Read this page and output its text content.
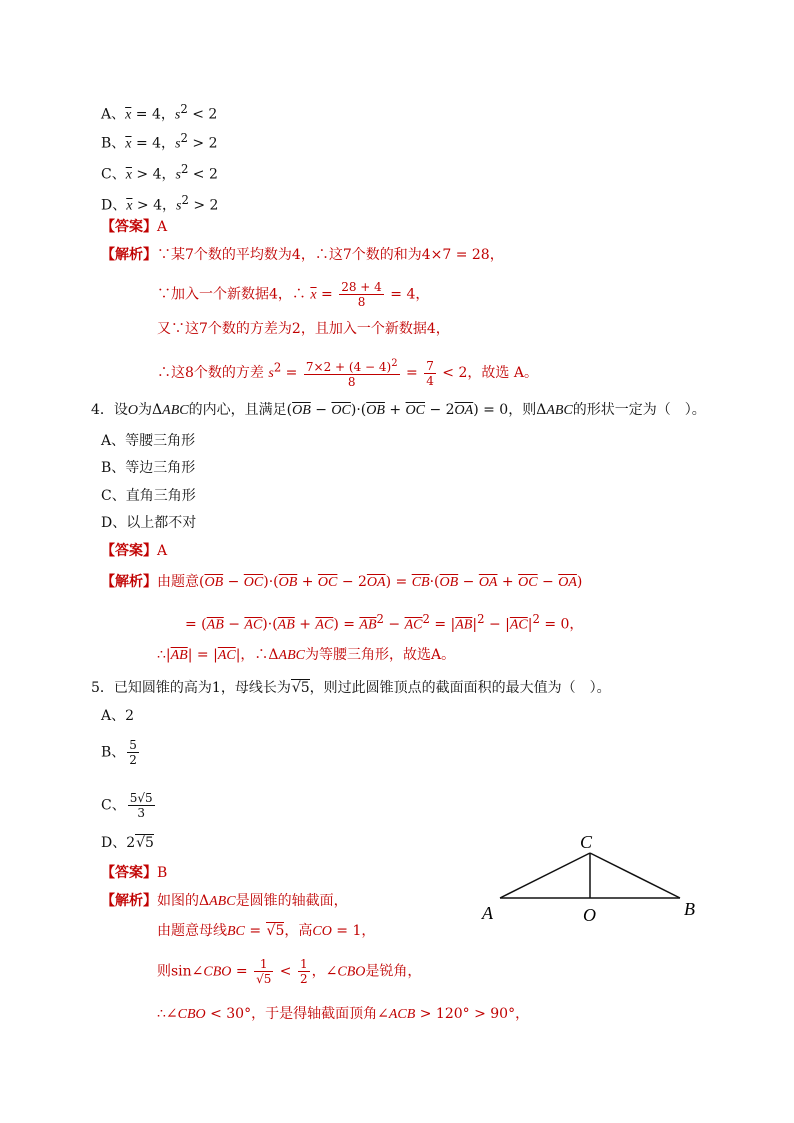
A、$\overline{x} = 4$，$s^2 < 2$
B、$\overline{x} = 4$，$s^2 > 2$
C、$\overline{x} > 4$，$s^2 < 2$
D、$\overline{x} > 4$，$s^2 > 2$
【答案】A
【解析】∵某7个数的平均数为4，∴这7个数的和为4×7 = 28，
∵加入一个新数据4，∴ $\overline{x} = \frac{28 + 4}{8} = 4$，
又∵这7个数的方差为2，且加入一个新数据4，
∴这8个数的方差 $s^2 = \frac{7\times 2 + (4 - 4)^2}{8} = \frac{7}{4} < 2$，故选 A。
4．设O为ΔABC的内心，且满足$(\overline{OB} - \overline{OC})\cdot(\overline{OB} + \overline{OC} - 2\overline{OA}) = 0$，则ΔABC的形状一定为（　）。
A、等腰三角形
B、等边三角形
C、直角三角形
D、以上都不对
【答案】A
【解析】由题意$(\overline{OB} - \overline{OC})\cdot(\overline{OB} + \overline{OC} - 2\overline{OA}) = \overline{CB}\cdot(\overline{OB} - \overline{OA} + \overline{OC} - \overline{OA})$
= $(\overline{AB} - \overline{AC})\cdot(\overline{AB} + \overline{AC}) = \overline{AB}^2 - \overline{AC}^2 = |\overline{AB}|^2 - |\overline{AC}|^2 = 0$，
$\therefore|\overline{AB}| = |\overline{AC}|$，∴ΔABC为等腰三角形，故选A。
5．已知圆锥的高为1，母线长为√5，则过此圆锥顶点的截面面积的最大值为（　）。
A、2
B、 $\frac{5}{2}$
C、 $\frac{5√5}{3}$
D、2√5
【答案】B
【解析】如图的ΔABC是圆锥的轴截面，
由题意母线BC = √5，高CO = 1，
则sin∠CBO = $\frac{1}{√5} < \frac{1}{2}$ ，∠CBO是锐角，
∴∠CBO < 30°，于是得轴截面顶角∠ACB > 120° > 90°，
C
A	O	B
